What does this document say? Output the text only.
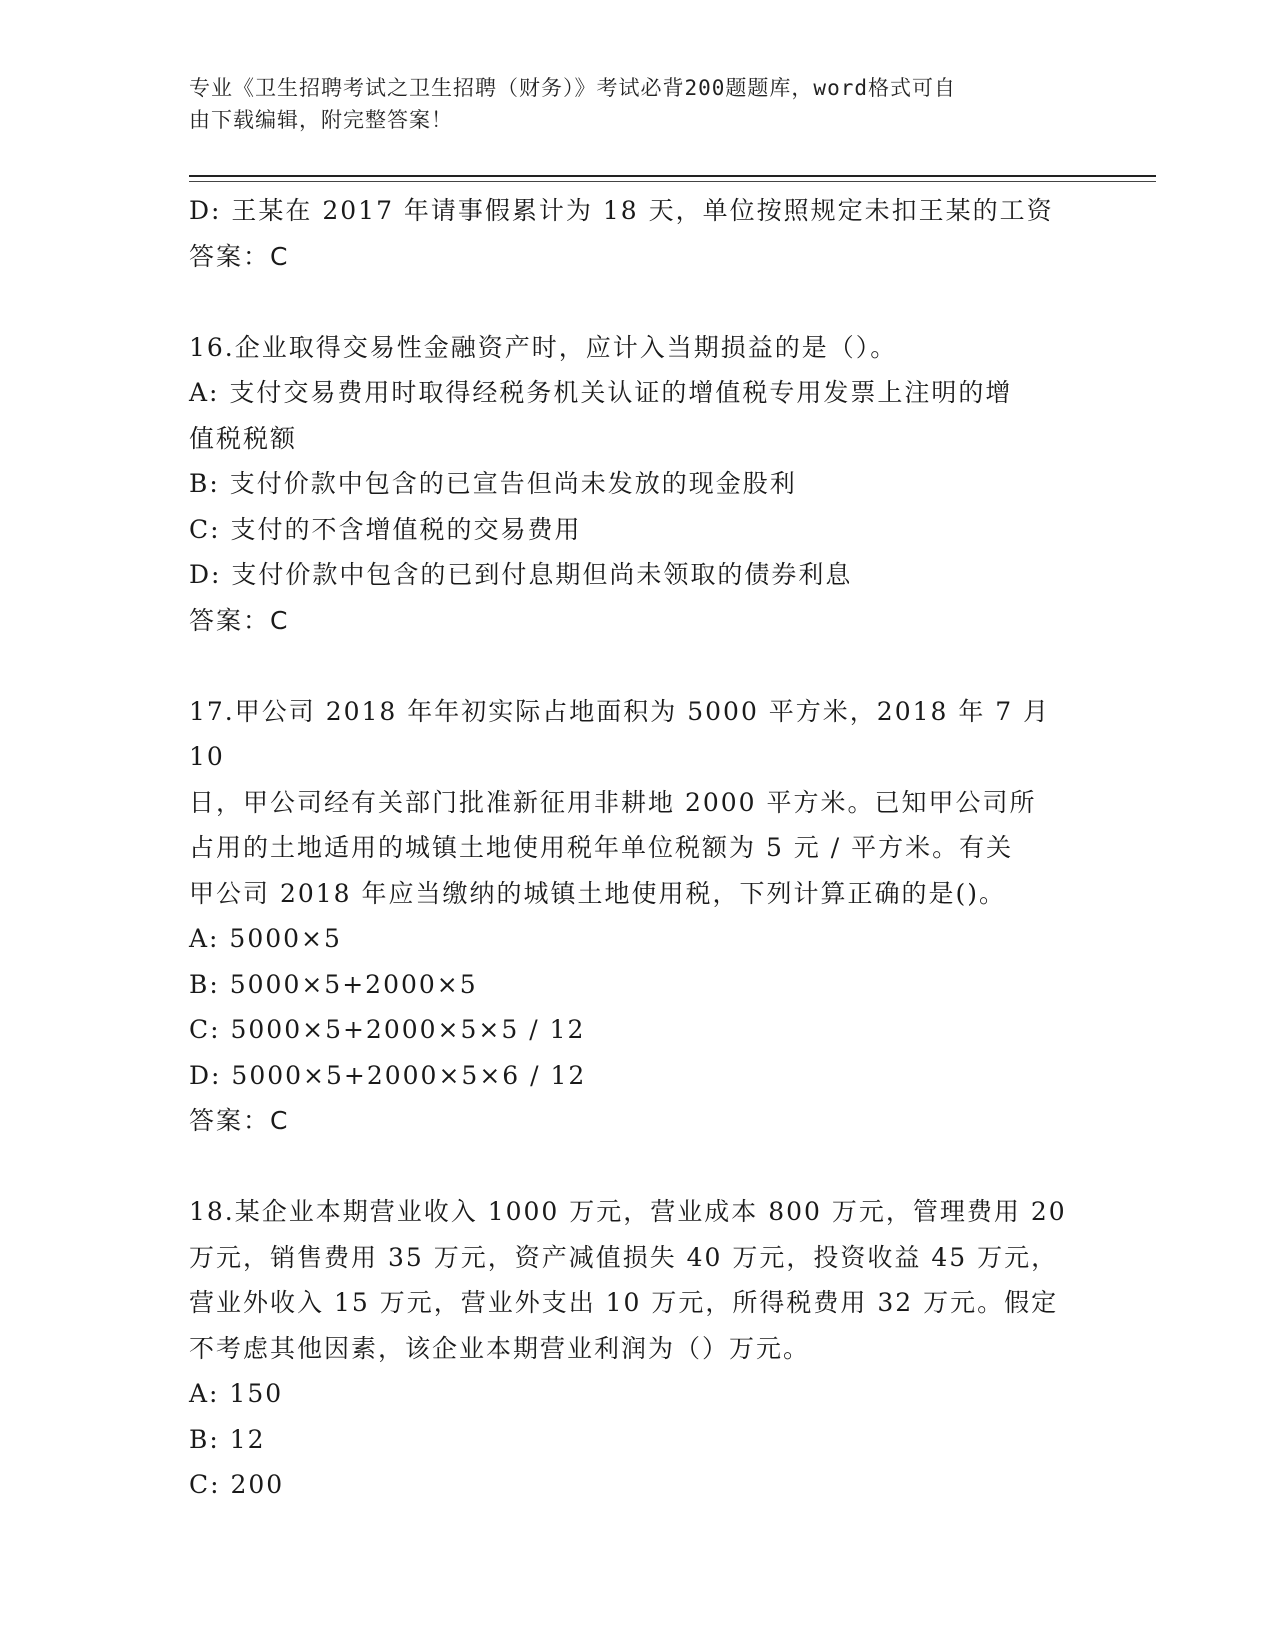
专业《卫生招聘考试之卫生招聘（财务）》考试必背200题题库，word格式可自
由下载编辑，附完整答案！
D: 王某在 2017 年请事假累计为 18 天，单位按照规定未扣王某的工资
答案：C
16.企业取得交易性金融资产时，应计入当期损益的是（）。
A: 支付交易费用时取得经税务机关认证的增值税专用发票上注明的增
值税税额
B: 支付价款中包含的已宣告但尚未发放的现金股利
C: 支付的不含增值税的交易费用
D: 支付价款中包含的已到付息期但尚未领取的债券利息
答案：C
17.甲公司 2018 年年初实际占地面积为 5000 平方米，2018 年 7 月 10
日，甲公司经有关部门批准新征用非耕地 2000 平方米。已知甲公司所
占用的土地适用的城镇土地使用税年单位税额为 5 元 / 平方米。有关
甲公司 2018 年应当缴纳的城镇土地使用税，下列计算正确的是()。
A: 5000×5
B: 5000×5+2000×5
C: 5000×5+2000×5×5 / 12
D: 5000×5+2000×5×6 / 12
答案：C
18.某企业本期营业收入 1000 万元，营业成本 800 万元，管理费用 20
万元，销售费用 35 万元，资产减值损失 40 万元，投资收益 45 万元，
营业外收入 15 万元，营业外支出 10 万元，所得税费用 32 万元。假定
不考虑其他因素，该企业本期营业利润为（）万元。
A: 150
B: 12
C: 200
